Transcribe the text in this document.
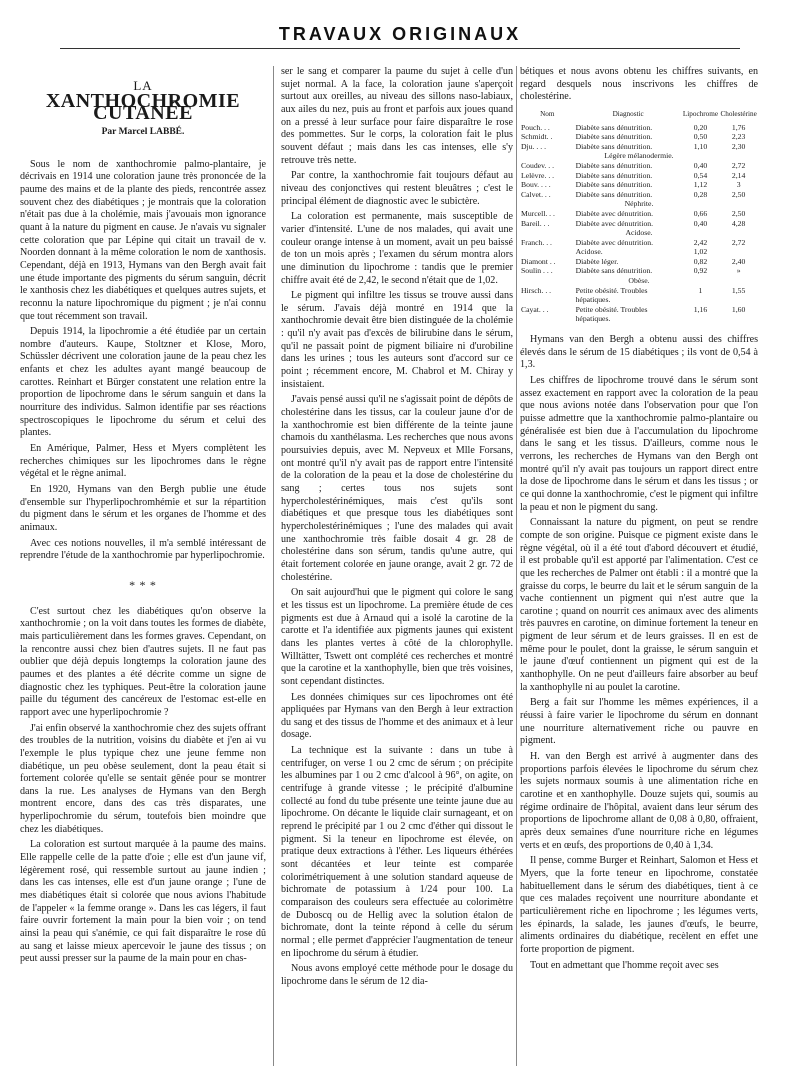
TRAVAUX ORIGINAUX
LA
XANTHOCHROMIE CUTANÉE
Par Marcel LABBÉ.

Sous le nom de xanthochromie palmo-plantaire, je décrivais en 1914 une coloration jaune très prononcée de la paume des mains et de la plante des pieds, rencontrée assez souvent chez des diabétiques ; je montrais que la coloration n'était pas due à la cholémie, mais j'avouais mon ignorance quant à la nature du pigment en cause. Je n'avais vu signaler cette coloration que par Lépine qui citait un travail de v. Noorden donnant à la même coloration le nom de xanthosis. Cependant, déjà en 1913, Hymans van den Bergh avait fait une étude importante des pigments du sérum sanguin, décrit le xanthosis chez les diabétiques et quelques autres sujets, et reconnu la nature lipochromique du pigment ; je n'ai connu que tout récemment son travail.

Depuis 1914, la lipochromie a été étudiée par un certain nombre d'auteurs. Kaupe, Stoltzner et Klose, Moro, Schüssler décrivent une coloration jaune de la peau chez les enfants et chez les adultes ayant mangé beaucoup de carottes. Reinhart et Bürger constatent une relation entre la proportion de lipochrome dans le sérum sanguin et dans la nourriture des individus. Salmon identifie par ses réactions spectroscopiques le lipochrome du sérum et celui des plantes.

En Amérique, Palmer, Hess et Myers complètent les recherches chimiques sur les lipochromes dans le règne végétal et le règne animal.

En 1920, Hymans van den Bergh publie une étude d'ensemble sur l'hyperlipochromhémie et sur la répartition du pigment dans le sérum et les organes de l'homme et des animaux.

Avec ces notions nouvelles, il m'a semblé intéressant de reprendre l'étude de la xanthochromie par hyperlipochromie.

* * *

C'est surtout chez les diabétiques qu'on observe la xanthochromie ; on la voit dans toutes les formes de diabète, mais particulièrement dans les formes graves. Cependant, on la rencontre aussi chez bien d'autres sujets. Il ne faut pas oublier que déjà depuis longtemps la coloration jaune des paumes et des plantes a été décrite comme un signe de diagnostic chez les typhiques. Peut-être la coloration jaune paille du tégument des cancéreux de l'estomac est-elle en rapport avec une hyperlipochromie ?

J'ai enfin observé la xanthochromie chez des sujets offrant des troubles de la nutrition, voisins du diabète et j'en ai vu l'exemple le plus typique chez une jeune femme non diabétique, un peu obèse seulement, dont la peau était si fortement colorée qu'elle se sentait gênée pour se montrer dans la rue. Les analyses de Hymans van den Bergh montrent encore, dans des cas très disparates, une hyperlipochromie du sérum, toutefois bien moindre que chez les diabétiques.

La coloration est surtout marquée à la paume des mains. Elle rappelle celle de la patte d'oie ; elle est d'un jaune vif, légèrement rosé, qui ressemble surtout au jaune indien ; dans les cas intenses, elle est d'un jaune orange ; l'une de mes diabétiques était si colorée que nous avions l'habitude de l'appeler « la femme orange ». Dans les cas légers, il faut faire ouvrir fortement la main pour la bien voir ; on tend ainsi la peau qui s'anémie, ce qui fait disparaître le rose dû au sang et laisse mieux apercevoir le jaune des tissus ; on peut aussi presser sur la paume de la main pour en chas-

ser le sang et comparer la paume du sujet à celle d'un sujet normal. A la face, la coloration jaune s'aperçoit surtout aux oreilles, au niveau des sillons naso-labiaux, aux ailes du nez, puis au front et parfois aux joues quand on a pressé à leur surface pour faire disparaître le rose des pommettes. Sur le corps, la coloration fait le plus souvent défaut ; mais dans les cas intenses, elle s'y retrouve très nette.

Par contre, la xanthochromie fait toujours défaut au niveau des conjonctives qui restent bleuâtres ; c'est le principal élément de diagnostic avec le subictère.

La coloration est permanente, mais susceptible de varier d'intensité. L'une de nos malades, qui avait une couleur orange intense à un moment, avait un peu baissé de ton un mois après ; l'examen du sérum montra alors une diminution du lipochrome : tandis que le premier chiffre avait été de 2,42, le second n'était que de 1,02.

Le pigment qui infiltre les tissus se trouve aussi dans le sérum. J'avais déjà montré en 1914 que la xanthochromie devait être bien distinguée de la cholémie : qu'il n'y avait pas d'excès de bilirubine dans le sérum, qu'il ne passait point de pigment biliaire ni d'urobiline dans les urines ; tous les auteurs sont d'accord sur ce point ; récemment encore, M. Chabrol et M. Chiray y insistaient.

J'avais pensé aussi qu'il ne s'agissait point de dépôts de cholestérine dans les tissus, car la couleur jaune d'or de la xanthochromie est bien différente de la teinte jaune chamois du xanthélasma. Les recherches que nous avons poursuivies depuis, avec M. Nepveux et Mlle Forsans, ont montré qu'il n'y avait pas de rapport entre l'intensité de la coloration de la peau et la dose de cholestérine du sang ; certes tous nos sujets sont hypercholestérinémiques, mais c'est qu'ils sont diabétiques et que presque tous les diabétiques sont hypercholestérinémiques ; l'une des malades qui avait une xanthochromie très faible dosait 4 gr. 28 de cholestérine dans son sérum, tandis qu'une autre, qui était fortement colorée en jaune orange, avait 2 gr. 72 de cholestérine.

On sait aujourd'hui que le pigment qui colore le sang et les tissus est un lipochrome. La première étude de ces pigments est due à Arnaud qui a isolé la carotine de la carotte et l'a identifiée aux pigments jaunes qui existent dans les plantes vertes à côté de la chlorophylle. Willtätter, Tswett ont complété ces recherches et montré que la carotine et la xanthophylle, bien que très voisines, sont cependant distinctes.

Les données chimiques sur ces lipochromes ont été appliquées par Hymans van den Bergh à leur extraction du sang et des tissus de l'homme et des animaux et à leur dosage.

La technique est la suivante : dans un tube à centrifuger, on verse 1 ou 2 cmc de sérum ; on précipite les albumines par 1 ou 2 cmc d'alcool à 96°, on agite, on centrifuge à grande vitesse ; le précipité d'albumine collecté au fond du tube présente une teinte jaune due au lipochrome. On décante le liquide clair surnageant, et on reprend le précipité par 1 ou 2 cmc d'éther qui dissout le pigment. Si la teneur en lipochrome est élevée, on pratique deux extractions à l'éther. Les liqueurs éthérées sont décantées et leur teinte est comparée colorimétriquement à une solution standard aqueuse de bichromate de potassium à 1/24 pour 100. La comparaison des couleurs sera effectuée au colorimètre de Duboscq ou de Hellig avec la solution étalon de bichromate, dont la teinte répond à celle du sérum normal ; elle permet d'apprécier l'augmentation de teneur en lipochrome du sérum à étudier.

Nous avons employé cette méthode pour le dosage du lipochrome dans le sérum de 12 dia-

bétiques et nous avons obtenu les chiffres suivants, en regard desquels nous inscrivons les chiffres de cholestérine.

Nom	Diagnostic	Lipochrome	Cholestérine
Pouch. . .	Diabète sans dénutrition.	0,20	1,76
Schmidt. .	Diabète sans dénutrition.	0,50	2,23
Dju. . . .	Diabète sans dénutrition.	1,10	2,30
Légère mélanodermie.			
Coudev. . .	Diabète sans dénutrition.	0,40	2,72
Lelèvre. . .	Diabète sans dénutrition.	0,54	2,14
Bouv. . . .	Diabète sans dénutrition.	1,12	3
Calvet. . .	Diabète sans dénutrition.	0,28	2,50
Néphrite.			
Murcell. . .	Diabète avec dénutrition.	0,66	2,50
Bareil. . .	Diabète avec dénutrition.	0,40	4,28
Acidose.			
Franch. . .	Diabète avec dénutrition.	2,42	2,72
	Acidose.	1,02	
Diamont . .	Diabète léger.	0,82	2,40
Soulin . . .	Diabète sans dénutrition.	0,92	»
Obèse.			
Hirsch. . .	Petite obésité. Troubles	1	1,55
	hépatiques.		
Cayat. . .	Petite obésité. Troubles	1,16	1,60
	hépatiques.		

Hymans van den Bergh a obtenu aussi des chiffres élevés dans le sérum de 15 diabétiques ; ils vont de 0,54 à 1,3.

Les chiffres de lipochrome trouvé dans le sérum sont assez exactement en rapport avec la coloration de la peau que nous avions notée dans l'observation pour que l'on puisse admettre que la xanthochromie palmo-plantaire ou généralisée est bien due à l'accumulation du lipochrome dans le sang et les tissus. D'ailleurs, comme nous le verrons, les recherches de Hymans van den Bergh ont montré qu'il n'y avait pas toujours un rapport direct entre la dose de lipochrome dans le sérum et dans les tissus ; or ce qui donne la xanthochromie, c'est le pigment qui infiltre la peau et non le pigment du sang.

Connaissant la nature du pigment, on peut se rendre compte de son origine. Puisque ce pigment existe dans le règne végétal, où il a été tout d'abord découvert et étudié, il est probable qu'il est apporté par l'alimentation. C'est ce que les recherches de Palmer ont établi : il a montré que la graisse du corps, le beurre du lait et le sérum sanguin de la vache contiennent un pigment qui n'est autre que la carotine ; quand on nourrit ces animaux avec des aliments très pauvres en carotine, on diminue fortement la teneur en pigment de leur sérum et de leurs graisses. Il en est de même pour le poulet, dont la graisse, le sérum sanguin et le jaune d'œuf contiennent un pigment qui est de la xanthophylle. On ne peut d'ailleurs faire absorber au beuf la xanthophylle ni au poulet la carotine.

Berg a fait sur l'homme les mêmes expériences, il a réussi à faire varier le lipochrome du sérum en donnant une nourriture alternativement riche ou pauvre en pigment.

H. van den Bergh est arrivé à augmenter dans des proportions parfois élevées le lipochrome du sérum chez les sujets normaux soumis à une alimentation riche en carotine et en xanthophylle. Douze sujets qui, soumis au régime ordinaire de l'hôpital, avaient dans leur sérum des proportions de lipochrome allant de 0,08 à 0,80, offraient, après deux semaines d'une nourriture riche en légumes verts et en œufs, des proportions de 0,40 à 1,34.

Il pense, comme Burger et Reinhart, Salomon et Hess et Myers, que la forte teneur en lipochrome, constatée habituellement dans le sérum des diabétiques, tient à ce que ces malades reçoivent une nourriture abondante et particulièrement riche en lipochrome ; les légumes verts, les épinards, la salade, les jaunes d'œufs, le beurre, aliments ordinaires du diabétique, recèlent en effet une forte proportion de pigment.

Tout en admettant que l'homme reçoit avec ses
